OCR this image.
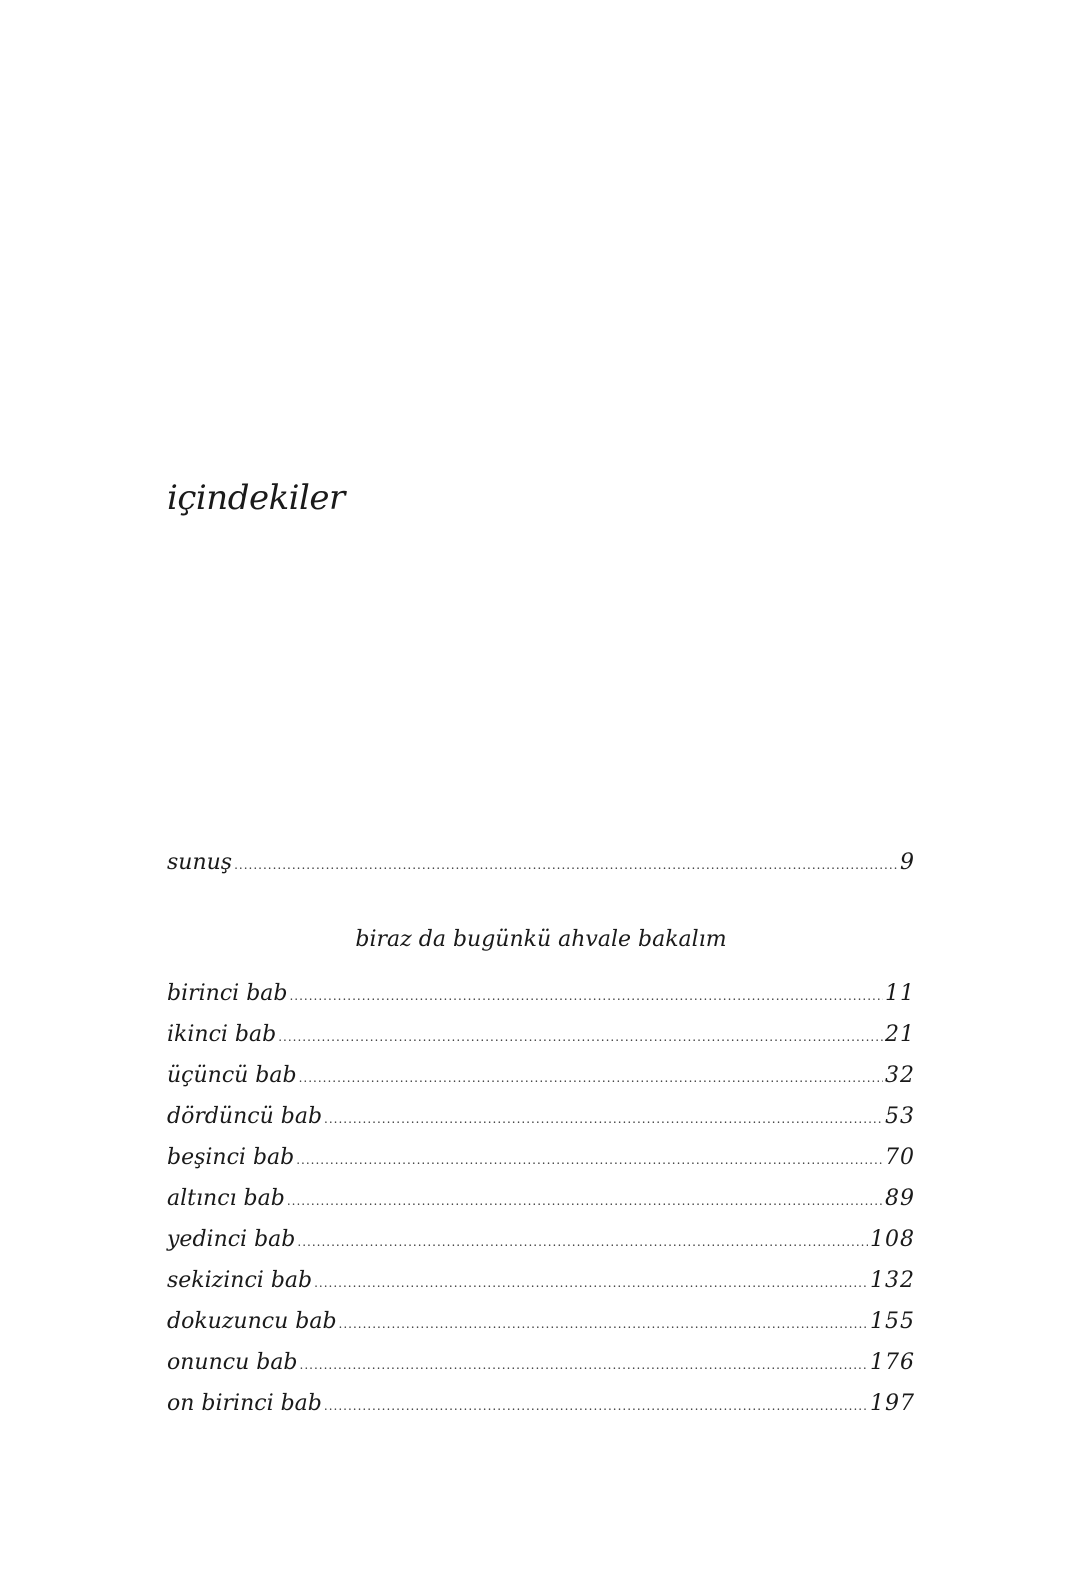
içindekiler
sunuş .....	9
biraz da bugünkü ahvale bakalım
birinci bab .....	11
ikinci bab .....	21
üçüncü bab .....	32
dördüncü bab .....	53
beşinci bab .....	70
altıncı bab .....	89
yedinci bab .....	108
sekizinci bab .....	132
dokuzuncu bab .....	155
onuncu bab .....	176
on birinci bab .....	197
